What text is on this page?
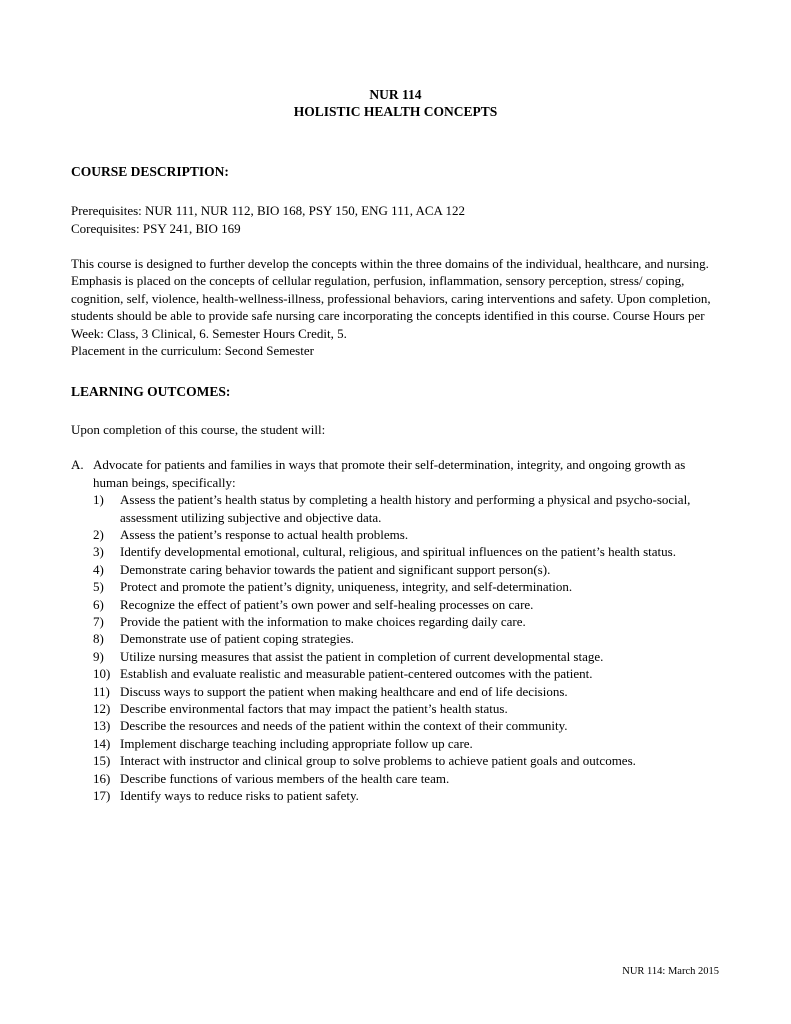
NUR 114
HOLISTIC HEALTH CONCEPTS
COURSE DESCRIPTION:
Prerequisites: NUR 111, NUR 112, BIO 168, PSY 150, ENG 111, ACA 122
Corequisites: PSY 241, BIO 169
This course is designed to further develop the concepts within the three domains of the individual, healthcare, and nursing. Emphasis is placed on the concepts of cellular regulation, perfusion, inflammation, sensory perception, stress/ coping, cognition, self, violence, health-wellness-illness, professional behaviors, caring interventions and safety. Upon completion, students should be able to provide safe nursing care incorporating the concepts identified in this course. Course Hours per Week: Class, 3 Clinical, 6. Semester Hours Credit, 5.
Placement in the curriculum: Second Semester
LEARNING OUTCOMES:
Upon completion of this course, the student will:
A. Advocate for patients and families in ways that promote their self-determination, integrity, and ongoing growth as human beings, specifically:
1)	Assess the patient’s health status by completing a health history and performing a physical and psycho-social, assessment utilizing subjective and objective data.
2)	Assess the patient’s response to actual health problems.
3)	Identify developmental emotional, cultural, religious, and spiritual influences on the patient’s health status.
4)	Demonstrate caring behavior towards the patient and significant support person(s).
5)	Protect and promote the patient’s dignity, uniqueness, integrity, and self-determination.
6)	Recognize the effect of patient’s own power and self-healing processes on care.
7)	Provide the patient with the information to make choices regarding daily care.
8)	Demonstrate use of patient coping strategies.
9)	Utilize nursing measures that assist the patient in completion of current developmental stage.
10) Establish and evaluate realistic and measurable patient-centered outcomes with the patient.
11) Discuss ways to support the patient when making healthcare and end of life decisions.
12) Describe environmental factors that may impact the patient’s health status.
13) Describe the resources and needs of the patient within the context of their community.
14) Implement discharge teaching including appropriate follow up care.
15) Interact with instructor and clinical group to solve problems to achieve patient goals and outcomes.
16) Describe functions of various members of the health care team.
17) Identify ways to reduce risks to patient safety.
NUR 114: March 2015
